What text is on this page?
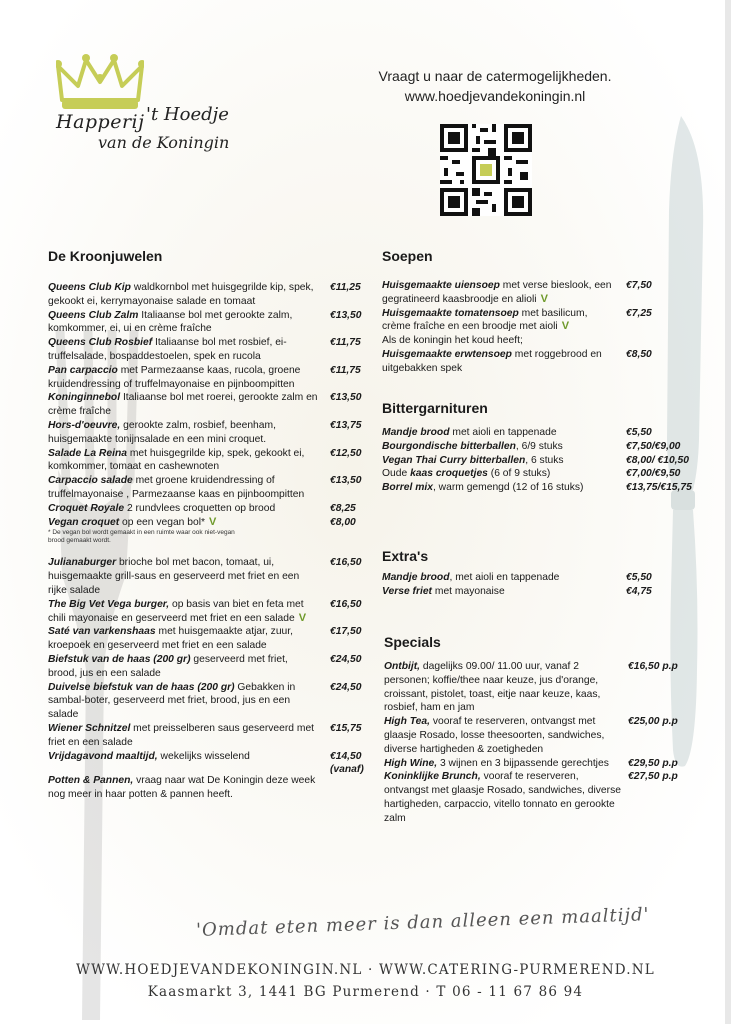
Happerij 't Hoedje
van de Koningin
Vraagt u naar de catermogelijkheden.
www.hoedjevandekoningin.nl
De Kroonjuwelen
Queens Club Kip waldkornbol met huisgegrilde kip, spek, gekookt ei, kerrymayonaise salade en tomaat
€11,25
Queens Club Zalm Italiaanse bol met gerookte zalm, komkommer, ei, ui en crème fraîche
€13,50
Queens Club Rosbief Italiaanse bol met rosbief, ei-truffelsalade, bospaddestoelen, spek en rucola
€11,75
Pan carpaccio met Parmezaanse kaas, rucola, groene kruidendressing of truffelmayonaise en pijnboompitten
€11,75
Koninginnebol Italiaanse bol met roerei, gerookte zalm en crème fraîche
€13,50
Hors-d'oeuvre, gerookte zalm, rosbief, beenham, huisgemaakte tonijnsalade en een mini croquet.
€13,75
Salade La Reina met huisgegrilde kip, spek, gekookt ei, komkommer, tomaat en cashewnoten
€12,50
Carpaccio salade met groene kruidendressing of truffelmayonaise , Parmezaanse kaas en pijnboompitten
€13,50
Croquet Royale 2 rundvlees croquetten op brood	€8,25
Vegan croquet op een vegan bol* V	€8,00
* De vegan bol wordt gemaakt in een ruimte waar ook niet-vegan brood gemaakt wordt.
Julianaburger brioche bol met bacon, tomaat, ui, huisgemaakte grill-saus en geserveerd met friet en een rijke salade
€16,50
The Big Vet Vega burger, op basis van biet en feta met chili mayonaise en geserveerd met friet en een salade V
€16,50
Saté van varkenshaas met huisgemaakte atjar, zuur, kroepoek en geserveerd met friet en een salade
€17,50
Biefstuk van de haas (200 gr) geserveerd met friet, brood, jus en een salade
€24,50
Duivelse biefstuk van de haas (200 gr) Gebakken in sambal-boter, geserveerd met friet, brood, jus en een salade
€24,50
Wiener Schnitzel met preisselberen saus geserveerd met friet en een salade
€15,75
Vrijdagavond maaltijd, wekelijks wisselend	€14,50
(vanaf)
Potten & Pannen, vraag naar wat De Koningin deze week nog meer in haar potten & pannen heeft.
Soepen
Huisgemaakte uiensoep met verse bieslook, een gegratineerd kaasbroodje en alioli V
€7,50
Huisgemaakte tomatensoep met basilicum, crème fraîche en een broodje met aioli V
Als de koningin het koud heeft;
€7,25
Huisgemaakte erwtensoep met roggebrood en uitgebakken spek
€8,50
Bittergarnituren
Mandje brood met aioli en tappenade	€5,50
Bourgondische bitterballen, 6/9 stuks	€7,50/€9,00
Vegan Thai Curry bitterballen, 6 stuks	€8,00/ €10,50
Oude kaas croquetjes (6 of 9 stuks)	€7,00/€9,50
Borrel mix, warm gemengd (12 of 16 stuks)	€13,75/€15,75
Extra's
Mandje brood, met aioli en tappenade	€5,50
Verse friet met mayonaise	€4,75
Specials
Ontbijt, dagelijks 09.00/ 11.00 uur, vanaf 2 personen; koffie/thee naar keuze, jus d'orange, croissant, pistolet, toast, eitje naar keuze, kaas, rosbief, ham en jam
€16,50 p.p
High Tea, vooraf te reserveren, ontvangst met glaasje Rosado, losse theesoorten, sandwiches, diverse hartigheden & zoetigheden
€25,00 p.p
High Wine, 3 wijnen en 3 bijpassende gerechtjes	€29,50 p.p
Koninklijke Brunch, vooraf te reserveren, ontvangst met glaasje Rosado, sandwiches, diverse hartigheden, carpaccio, vitello tonnato en gerookte zalm
€27,50 p.p
'Omdat eten meer is dan alleen een maaltijd'
WWW.HOEDJEVANDEKONINGIN.NL · WWW.CATERING-PURMEREND.NL
Kaasmarkt 3, 1441 BG Purmerend · T 06 - 11 67 86 94
